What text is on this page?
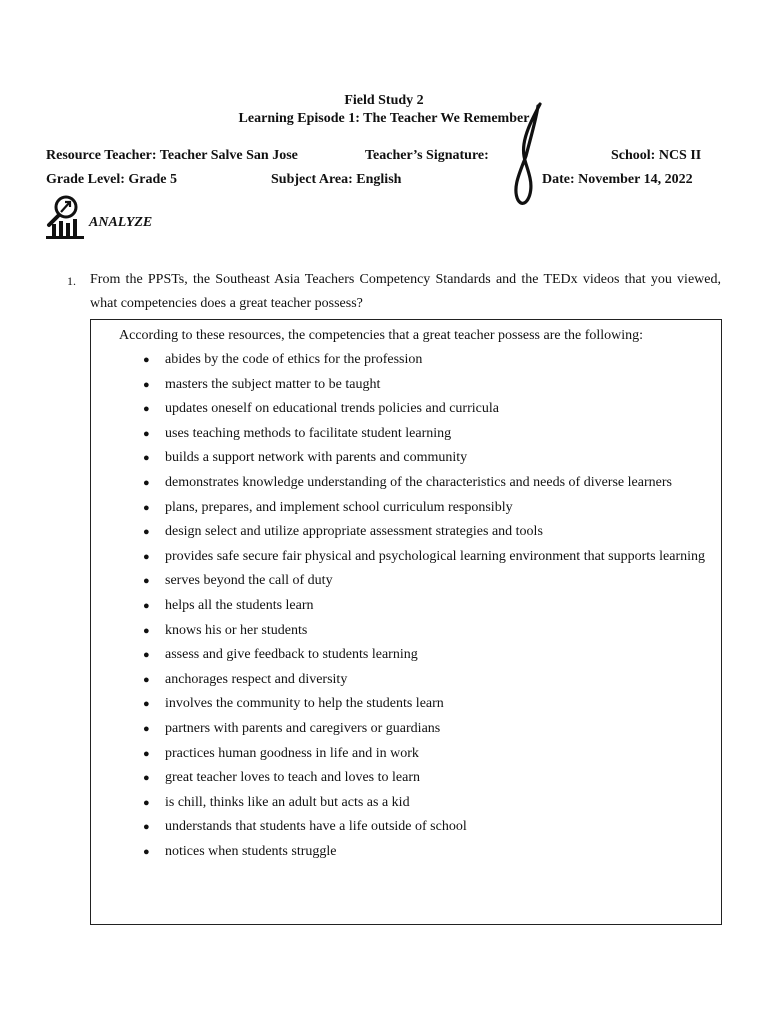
Field Study 2
Learning Episode 1: The Teacher We Remember
Resource Teacher: Teacher Salve San Jose	Teacher’s Signature:	School: NCS II
Grade Level: Grade 5	Subject Area: English	Date: November 14, 2022
ANALYZE
1. From the PPSTs, the Southeast Asia Teachers Competency Standards and the TEDx videos that you viewed, what competencies does a great teacher possess?
According to these resources, the competencies that a great teacher possess are the following:
● abides by the code of ethics for the profession
● masters the subject matter to be taught
● updates oneself on educational trends policies and curricula
● uses teaching methods to facilitate student learning
● builds a support network with parents and community
● demonstrates knowledge understanding of the characteristics and needs of diverse learners
● plans, prepares, and implement school curriculum responsibly
● design select and utilize appropriate assessment strategies and tools
● provides safe secure fair physical and psychological learning environment that supports learning
● serves beyond the call of duty
● helps all the students learn
● knows his or her students
● assess and give feedback to students learning
● anchorages respect and diversity
● involves the community to help the students learn
● partners with parents and caregivers or guardians
● practices human goodness in life and in work
● great teacher loves to teach and loves to learn
● is chill, thinks like an adult but acts as a kid
● understands that students have a life outside of school
● notices when students struggle
